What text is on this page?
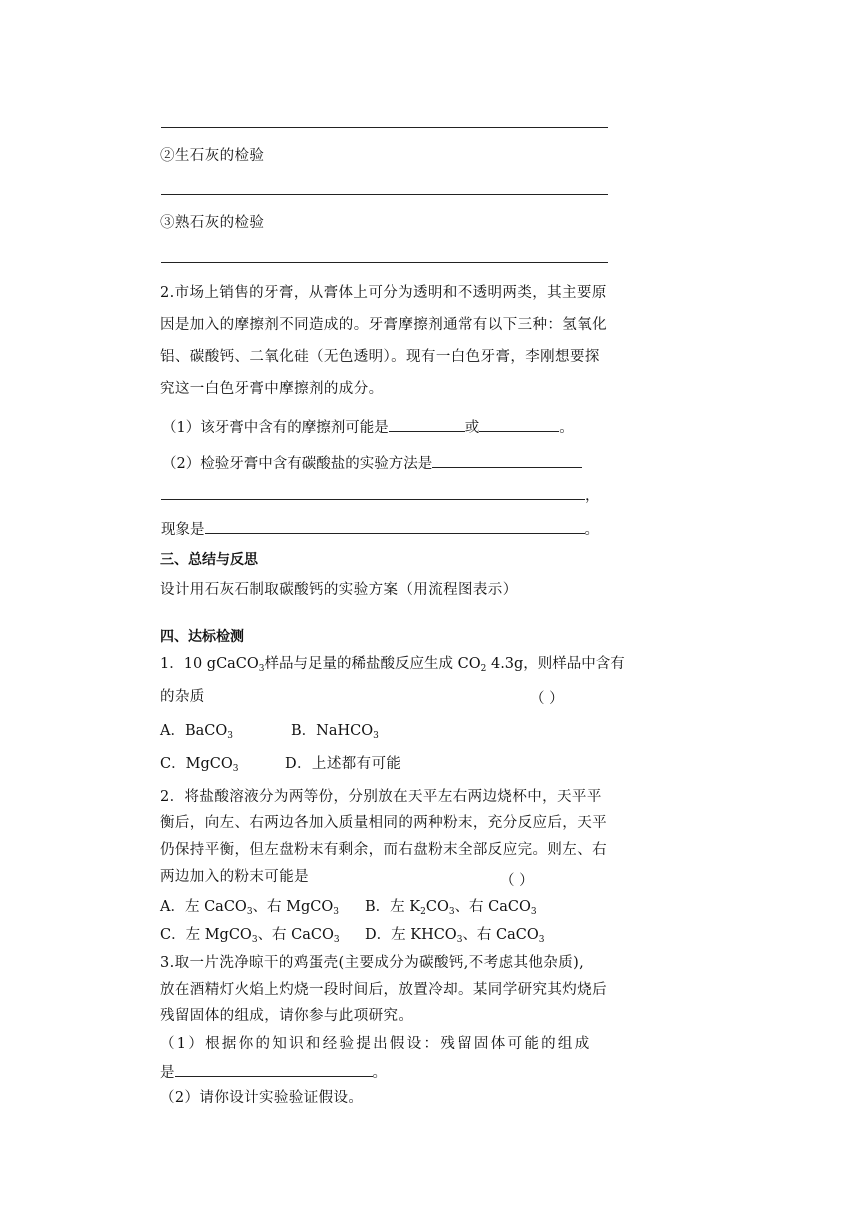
②生石灰的检验
③熟石灰的检验
2.市场上销售的牙膏，从膏体上可分为透明和不透明两类，其主要原
因是加入的摩擦剂不同造成的。牙膏摩擦剂通常有以下三种：氢氧化
铝、碳酸钙、二氧化硅（无色透明）。现有一白色牙膏，李刚想要探
究这一白色牙膏中摩擦剂的成分。
（1）该牙膏中含有的摩擦剂可能是	或	。
（2）检验牙膏中含有碳酸盐的实验方法是
，
现象是	。
三、总结与反思
设计用石灰石制取碳酸钙的实验方案（用流程图表示）
四、达标检测
1．10 gCaCO$_3$样品与足量的稀盐酸反应生成 $CO_2$ 4.3g，则样品中含有
的杂质	（ ）
A．BaCO$_3$	B．NaHCO$_3$
C．MgCO$_3$	D．上述都有可能
2．将盐酸溶液分为两等份，分别放在天平左右两边烧杯中，天平平
衡后，向左、右两边各加入质量相同的两种粉末，充分反应后，天平
仍保持平衡，但左盘粉末有剩余，而右盘粉末全部反应完。则左、右
两边加入的粉末可能是	（ ）
A．左 CaCO$_3$、右 MgCO$_3$ B．左 $K_2CO_3$、右 CaCO$_3$
C．左 MgCO$_3$、右 CaCO$_3$ D．左 $KHCO_3$、右 CaCO$_3$
3.取一片洗净晾干的鸡蛋壳(主要成分为碳酸钙,不考虑其他杂质),
放在酒精灯火焰上灼烧一段时间后，放置冷却。某同学研究其灼烧后
残留固体的组成，请你参与此项研究。
（1）根据你的知识和经验提出假设：残留固体可能的组成
是	。
（2）请你设计实验验证假设。
